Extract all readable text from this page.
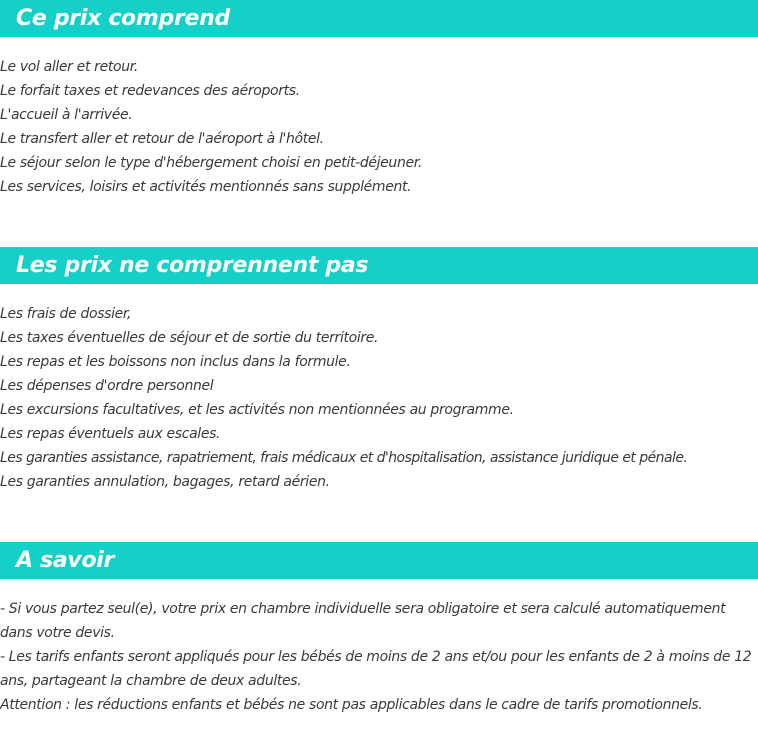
Ce prix comprend
Le vol aller et retour.
Le forfait taxes et redevances des aéroports.
L'accueil à l'arrivée.
Le transfert aller et retour de l'aéroport à l'hôtel.
Le séjour selon le type d'hébergement choisi en petit-déjeuner.
Les services, loisirs et activités mentionnés sans supplément.
Les prix ne comprennent pas
Les frais de dossier,
Les taxes éventuelles de séjour et de sortie du territoire.
Les repas et les boissons non inclus dans la formule.
Les dépenses d'ordre personnel
Les excursions facultatives, et les activités non mentionnées au programme.
Les repas éventuels aux escales.
Les garanties assistance, rapatriement, frais médicaux et d'hospitalisation, assistance juridique et pénale.
Les garanties annulation, bagages, retard aérien.
A savoir
- Si vous partez seul(e), votre prix en chambre individuelle sera obligatoire et sera calculé automatiquement dans votre devis.
- Les tarifs enfants seront appliqués pour les bébés de moins de 2 ans et/ou pour les enfants de 2 à moins de 12 ans, partageant la chambre de deux adultes.
Attention : les réductions enfants et bébés ne sont pas applicables dans le cadre de tarifs promotionnels.
